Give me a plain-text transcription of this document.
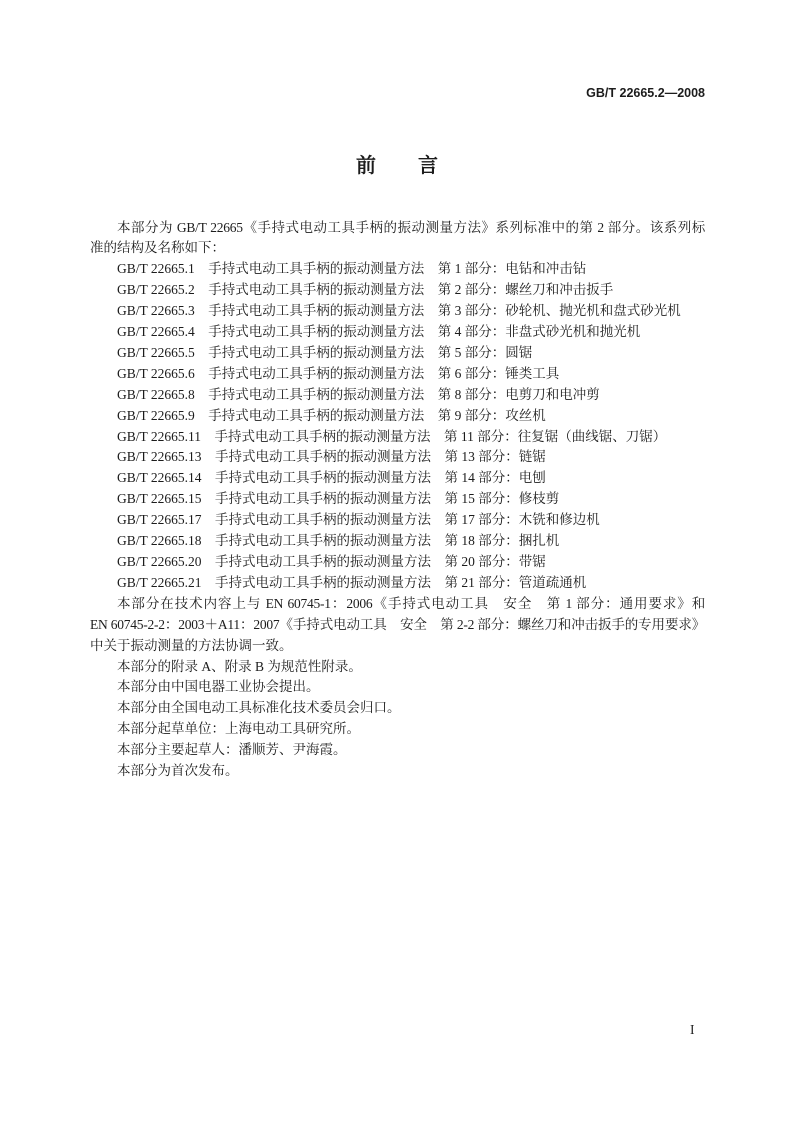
GB/T 22665.2—2008
前　言
本部分为 GB/T 22665《手持式电动工具手柄的振动测量方法》系列标准中的第 2 部分。该系列标
准的结构及名称如下：
GB/T 22665.1　手持式电动工具手柄的振动测量方法　第 1 部分：电钻和冲击钻
GB/T 22665.2　手持式电动工具手柄的振动测量方法　第 2 部分：螺丝刀和冲击扳手
GB/T 22665.3　手持式电动工具手柄的振动测量方法　第 3 部分：砂轮机、抛光机和盘式砂光机
GB/T 22665.4　手持式电动工具手柄的振动测量方法　第 4 部分：非盘式砂光机和抛光机
GB/T 22665.5　手持式电动工具手柄的振动测量方法　第 5 部分：圆锯
GB/T 22665.6　手持式电动工具手柄的振动测量方法　第 6 部分：锤类工具
GB/T 22665.8　手持式电动工具手柄的振动测量方法　第 8 部分：电剪刀和电冲剪
GB/T 22665.9　手持式电动工具手柄的振动测量方法　第 9 部分：攻丝机
GB/T 22665.11　手持式电动工具手柄的振动测量方法　第 11 部分：往复锯（曲线锯、刀锯）
GB/T 22665.13　手持式电动工具手柄的振动测量方法　第 13 部分：链锯
GB/T 22665.14　手持式电动工具手柄的振动测量方法　第 14 部分：电刨
GB/T 22665.15　手持式电动工具手柄的振动测量方法　第 15 部分：修枝剪
GB/T 22665.17　手持式电动工具手柄的振动测量方法　第 17 部分：木铣和修边机
GB/T 22665.18　手持式电动工具手柄的振动测量方法　第 18 部分：捆扎机
GB/T 22665.20　手持式电动工具手柄的振动测量方法　第 20 部分：带锯
GB/T 22665.21　手持式电动工具手柄的振动测量方法　第 21 部分：管道疏通机
本部分在技术内容上与 EN 60745-1：2006《手持式电动工具　安全　第 1 部分：通用要求》和
EN 60745-2-2：2003＋A11：2007《手持式电动工具　安全　第 2-2 部分：螺丝刀和冲击扳手的专用要求》
中关于振动测量的方法协调一致。
本部分的附录 A、附录 B 为规范性附录。
本部分由中国电器工业协会提出。
本部分由全国电动工具标准化技术委员会归口。
本部分起草单位：上海电动工具研究所。
本部分主要起草人：潘顺芳、尹海霞。
本部分为首次发布。
I
